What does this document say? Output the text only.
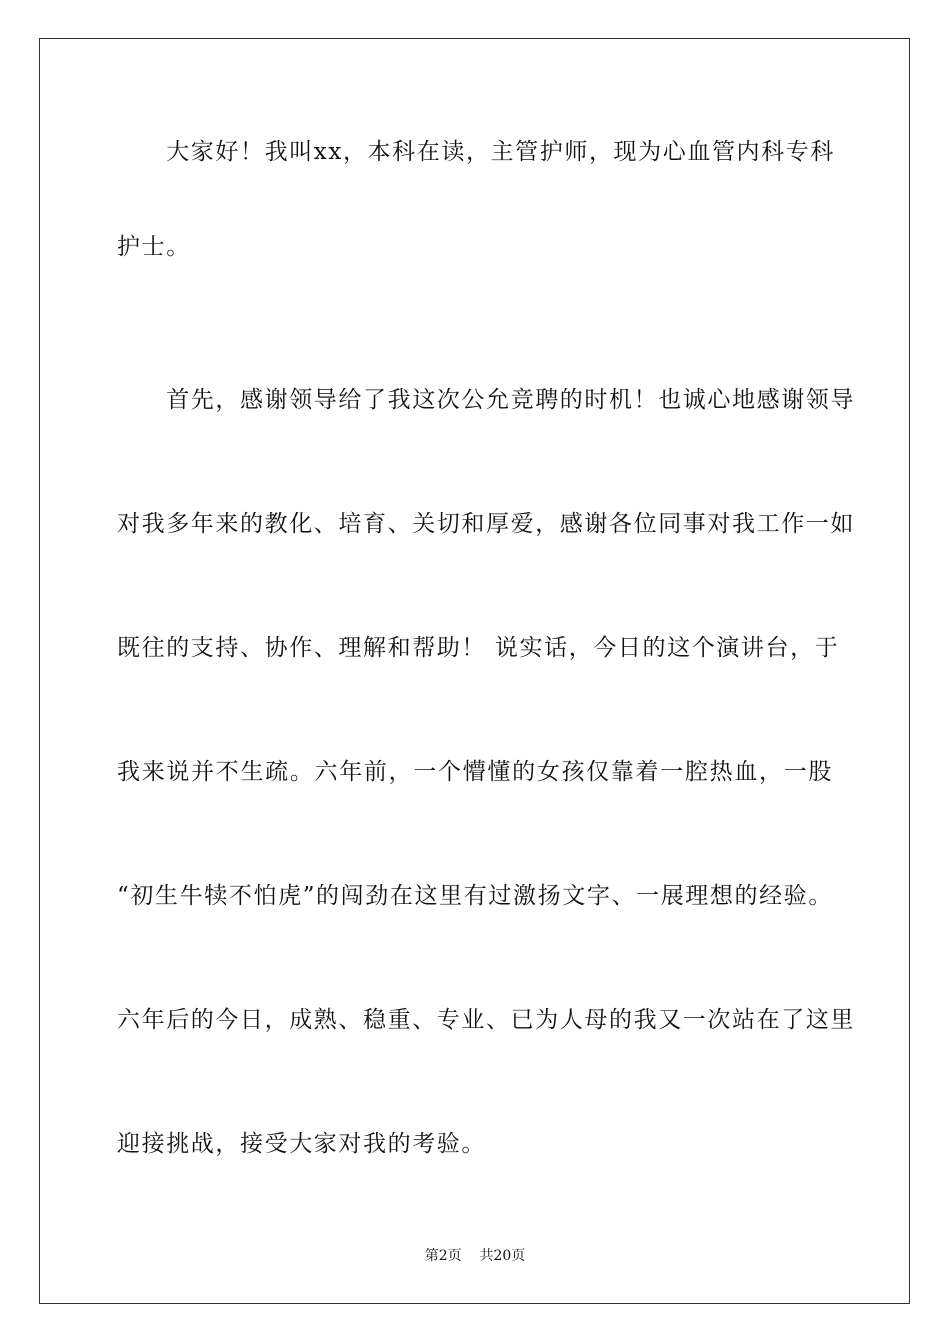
　　大家好！我叫xx，本科在读，主管护师，现为心血管内科专科
护士。
　　首先，感谢领导给了我这次公允竞聘的时机！也诚心地感谢领导
对我多年来的教化、培育、关切和厚爱，感谢各位同事对我工作一如
既往的支持、协作、理解和帮助！ 说实话，今日的这个演讲台，于
我来说并不生疏。六年前，一个懵懂的女孩仅靠着一腔热血，一股
“初生牛犊不怕虎”的闯劲在这里有过激扬文字、一展理想的经验。
六年后的今日，成熟、稳重、专业、已为人母的我又一次站在了这里
迎接挑战，接受大家对我的考验。
第2页 共20页
